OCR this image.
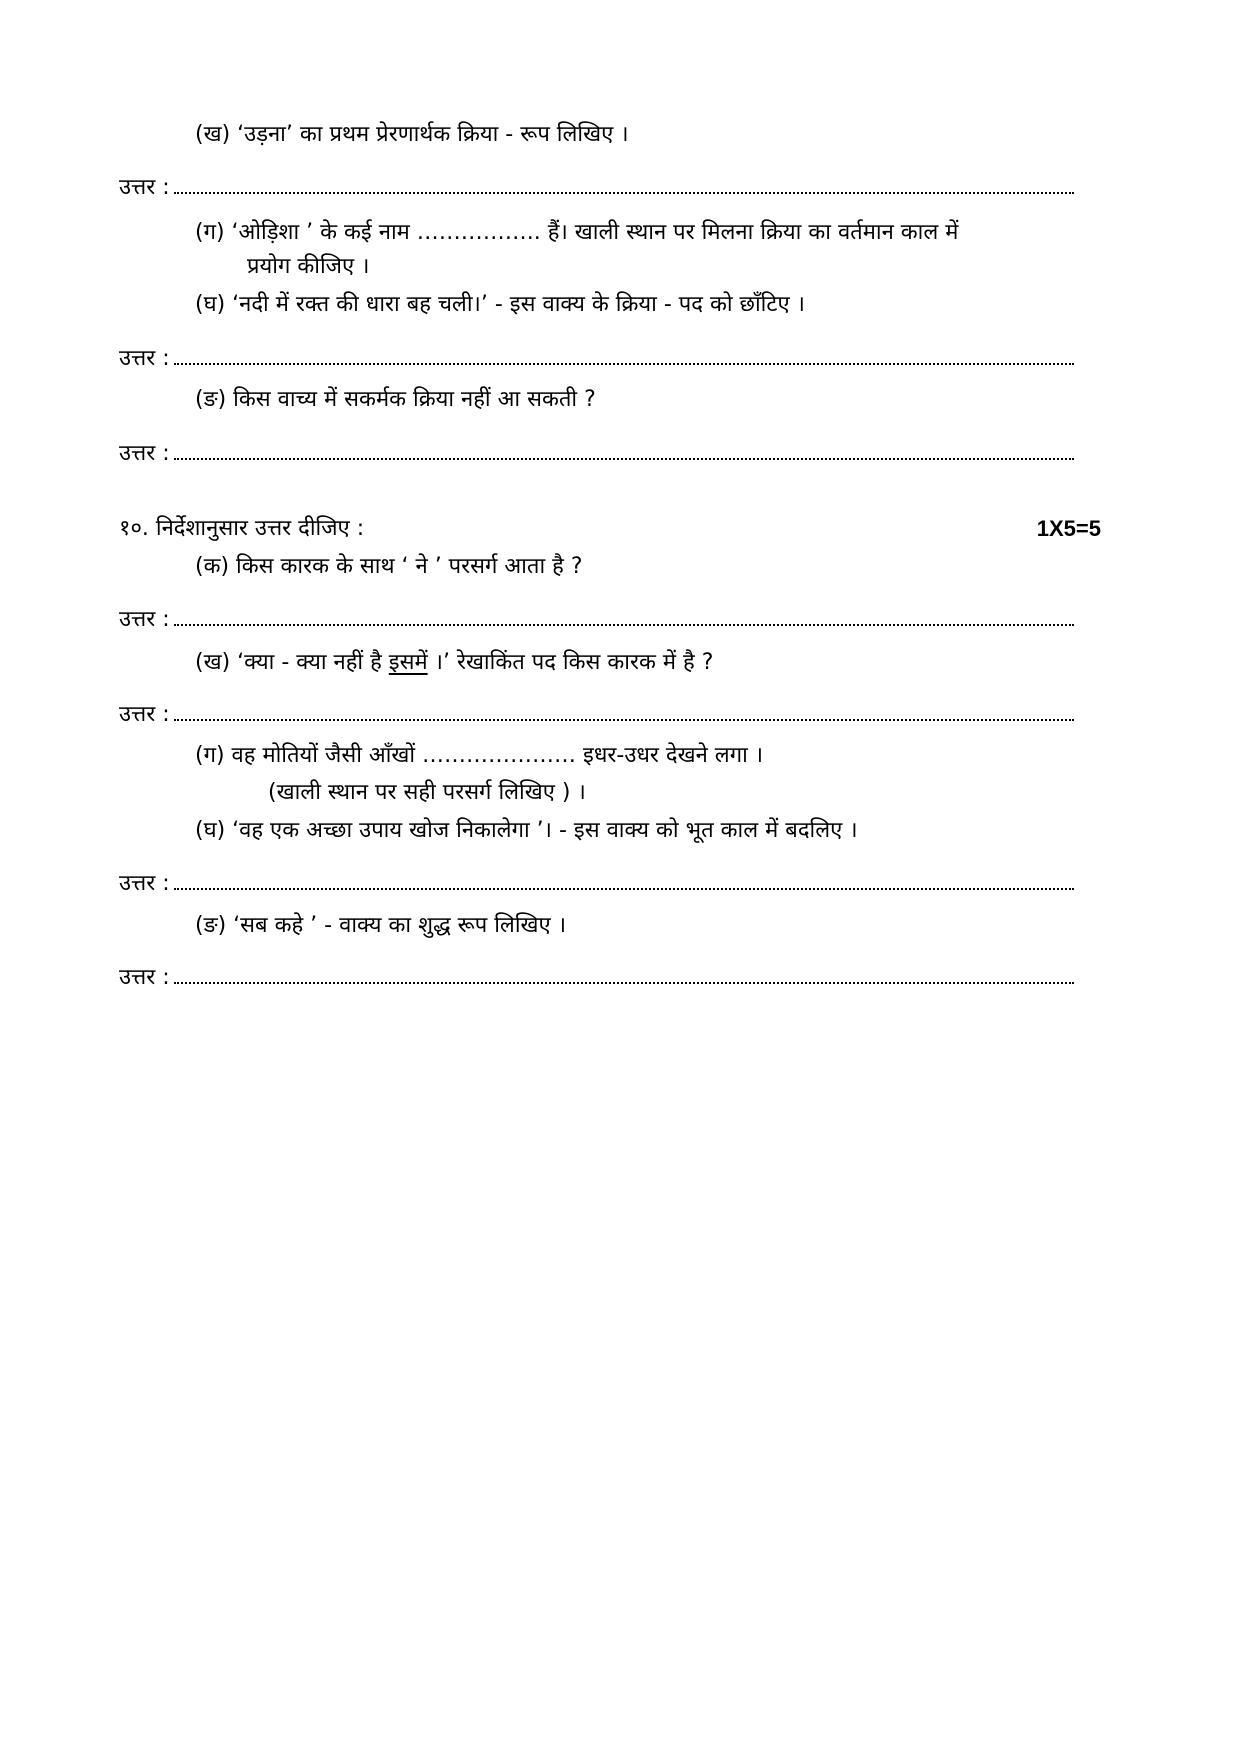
(ख) ‘उड़ना’ का प्रथम प्रेरणार्थक क्रिया - रूप लिखिए ।
उत्तर :
(ग) ‘ओड़िशा ’ के कई नाम …………….. हैं। खाली स्थान पर मिलना क्रिया का वर्तमान काल में
प्रयोग कीजिए ।
(घ) ‘नदी में रक्त की धारा बह चली।’ - इस वाक्य के क्रिया - पद को छाँटिए ।
उत्तर :
(ङ) किस वाच्य में सकर्मक क्रिया नहीं आ सकती ?
उत्तर :
१०. निर्देशानुसार उत्तर दीजिए :	1X5=5
(क) किस कारक के साथ ‘ ने ’ परसर्ग आता है ?
उत्तर :
(ख) ‘क्या - क्या नहीं है इसमें ।’ रेखाकिंत पद किस कारक में है ?
उत्तर :
(ग) वह मोतियों जैसी आँखों ………………… इधर-उधर देखने लगा ।
(खाली स्थान पर सही परसर्ग लिखिए ) ।
(घ) ‘वह एक अच्छा उपाय खोज निकालेगा ’। - इस वाक्य को भूत काल में बदलिए ।
उत्तर :
(ङ) ‘सब कहे ’ - वाक्य का शुद्ध रूप लिखिए ।
उत्तर :
